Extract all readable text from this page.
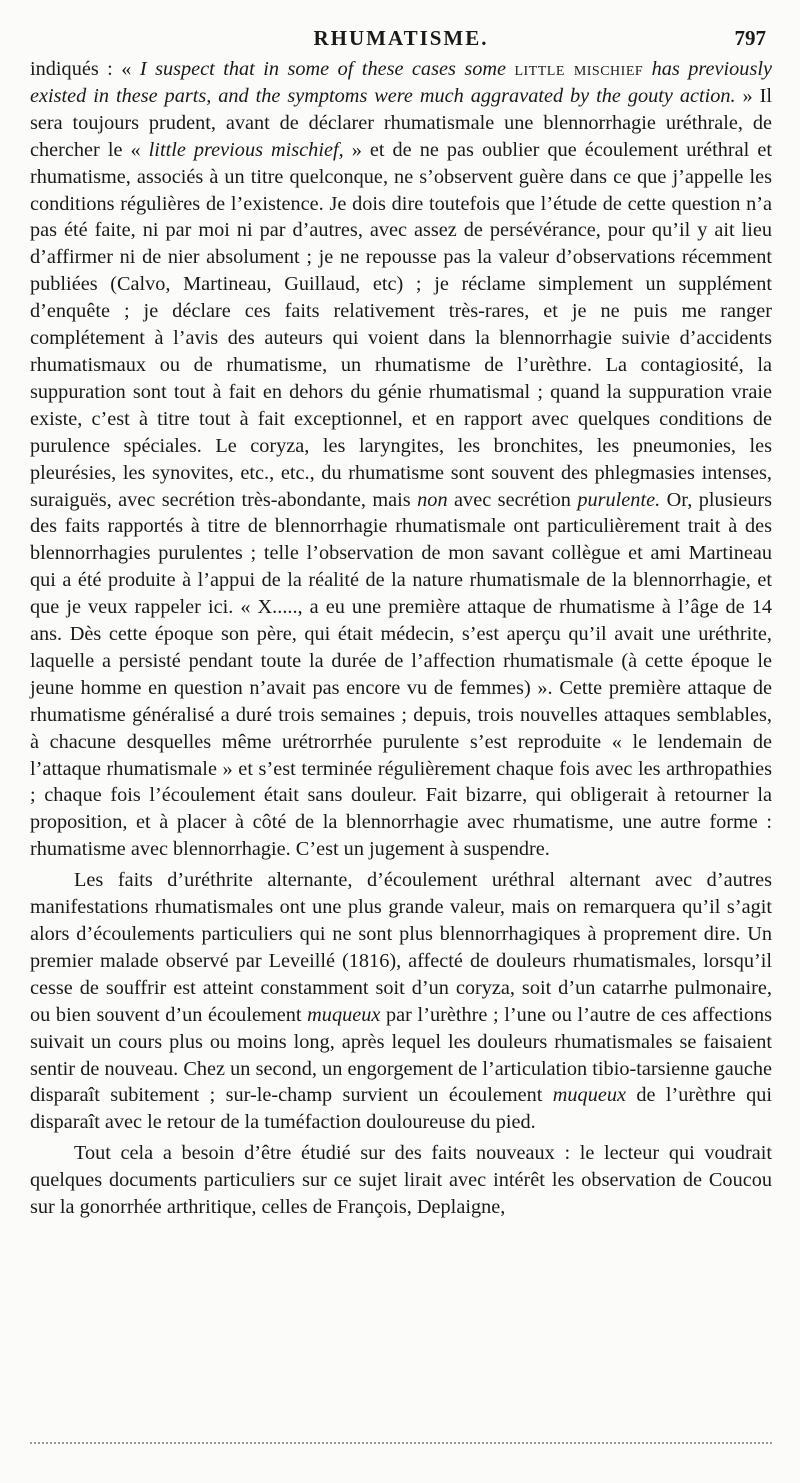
RHUMATISME.	797

indiqués : « I suspect that in some of these cases some little mischief has previously existed in these parts, and the symptoms were much aggravated by the gouty action. » Il sera toujours prudent, avant de déclarer rhumatismale une blennorrhagie uréthrale, de chercher le « little previous mischief, » et de ne pas oublier que écoulement uréthral et rhumatisme, associés à un titre quelconque, ne s’observent guère dans ce que j’appelle les conditions régulières de l’existence. Je dois dire toutefois que l’étude de cette question n’a pas été faite, ni par moi ni par d’autres, avec assez de persévérance, pour qu’il y ait lieu d’affirmer ni de nier absolument ; je ne repousse pas la valeur d’observations récemment publiées (Calvo, Martineau, Guillaud, etc) ; je réclame simplement un supplément d’enquête ; je déclare ces faits relativement très-rares, et je ne puis me ranger complétement à l’avis des auteurs qui voient dans la blennorrhagie suivie d’accidents rhumatismaux ou de rhumatisme, un rhumatisme de l’urèthre. La contagiosité, la suppuration sont tout à fait en dehors du génie rhumatismal ; quand la suppuration vraie existe, c’est à titre tout à fait exceptionnel, et en rapport avec quelques conditions de purulence spéciales. Le coryza, les laryngites, les bronchites, les pneumonies, les pleurésies, les synovites, etc., etc., du rhumatisme sont souvent des phlegmasies intenses, suraiguës, avec secrétion très-abondante, mais non avec secrétion purulente. Or, plusieurs des faits rapportés à titre de blennorrhagie rhumatismale ont particulièrement trait à des blennorrhagies purulentes ; telle l’observation de mon savant collègue et ami Martineau qui a été produite à l’appui de la réalité de la nature rhumatismale de la blennorrhagie, et que je veux rappeler ici. « X....., a eu une première attaque de rhumatisme à l’âge de 14 ans. Dès cette époque son père, qui était médecin, s’est aperçu qu’il avait une uréthrite, laquelle a persisté pendant toute la durée de l’affection rhumatismale (à cette époque le jeune homme en question n’avait pas encore vu de femmes) ». Cette première attaque de rhumatisme généralisé a duré trois semaines ; depuis, trois nouvelles attaques semblables, à chacune desquelles même urétrorrhée purulente s’est reproduite « le lendemain de l’attaque rhumatismale » et s’est terminée régulièrement chaque fois avec les arthropathies ; chaque fois l’écoulement était sans douleur. Fait bizarre, qui obligerait à retourner la proposition, et à placer à côté de la blennorrhagie avec rhumatisme, une autre forme : rhumatisme avec blennorrhagie. C’est un jugement à suspendre.

Les faits d’uréthrite alternante, d’écoulement uréthral alternant avec d’autres manifestations rhumatismales ont une plus grande valeur, mais on remarquera qu’il s’agit alors d’écoulements particuliers qui ne sont plus blennorrhagiques à proprement dire. Un premier malade observé par Leveillé (1816), affecté de douleurs rhumatismales, lorsqu’il cesse de souffrir est atteint constamment soit d’un coryza, soit d’un catarrhe pulmonaire, ou bien souvent d’un écoulement muqueux par l’urèthre ; l’une ou l’autre de ces affections suivait un cours plus ou moins long, après lequel les douleurs rhumatismales se faisaient sentir de nouveau. Chez un second, un engorgement de l’articulation tibio-tarsienne gauche disparaît subitement ; sur-le-champ survient un écoulement muqueux de l’urèthre qui disparaît avec le retour de la tuméfaction douloureuse du pied.

Tout cela a besoin d’être étudié sur des faits nouveaux : le lecteur qui voudrait quelques documents particuliers sur ce sujet lirait avec intérêt les observation de Coucou sur la gonorrhée arthritique, celles de François, Deplaigne,
